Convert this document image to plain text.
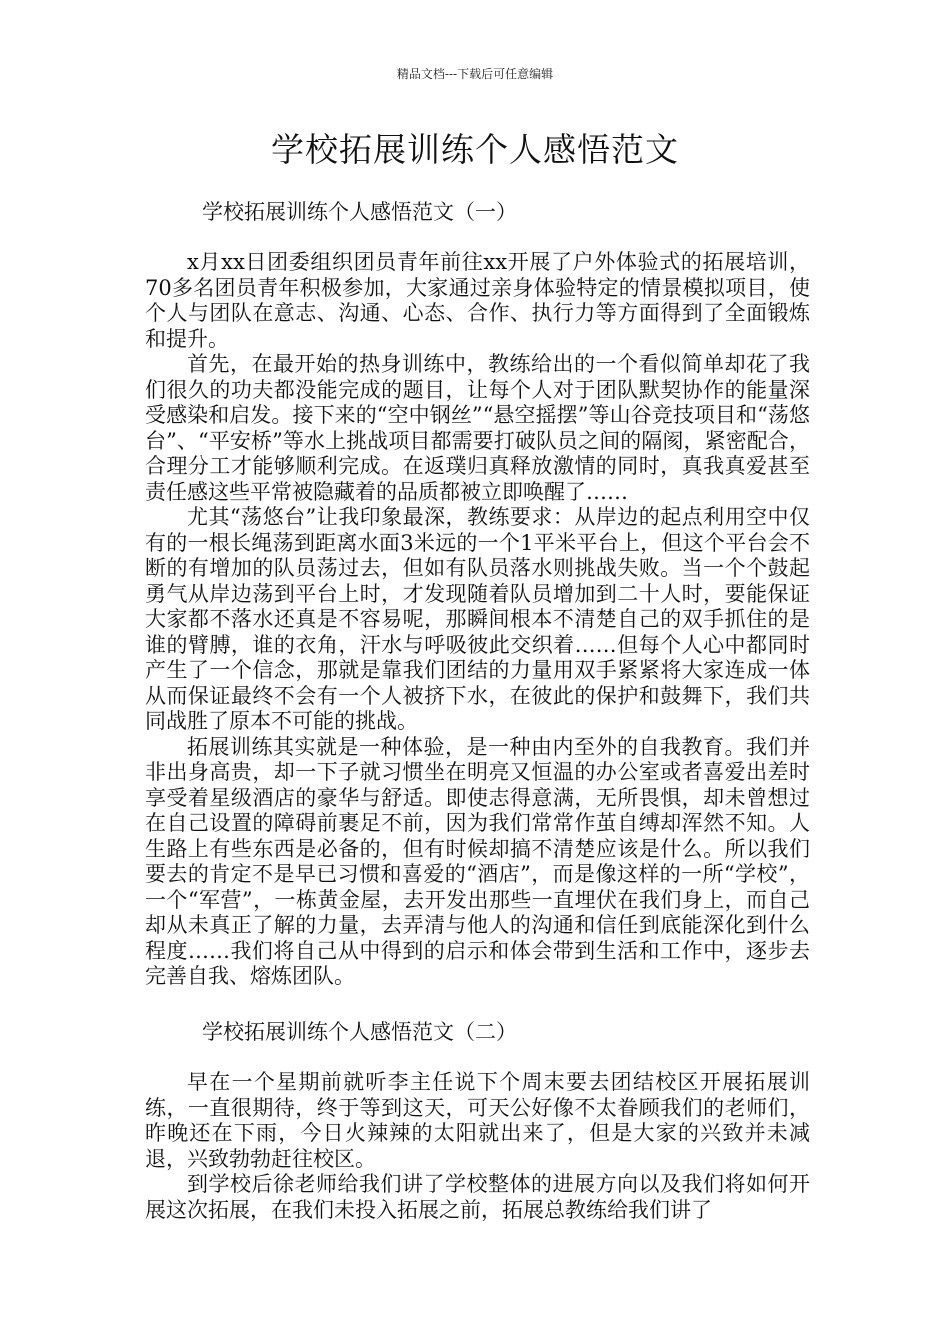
精品文档---下载后可任意编辑
学校拓展训练个人感悟范文
学校拓展训练个人感悟范文（一）

x月xx日团委组织团员青年前往xx开展了户外体验式的拓展培训，70多名团员青年积极参加，大家通过亲身体验特定的情景模拟项目，使个人与团队在意志、沟通、心态、合作、执行力等方面得到了全面锻炼和提升。

首先，在最开始的热身训练中，教练给出的一个看似简单却花了我们很久的功夫都没能完成的题目，让每个人对于团队默契协作的能量深受感染和启发。接下来的“空中钢丝”“悬空摇摆”等山谷竞技项目和“荡悠台”、“平安桥”等水上挑战项目都需要打破队员之间的隔阂，紧密配合，合理分工才能够顺利完成。在返璞归真释放激情的同时，真我真爱甚至责任感这些平常被隐藏着的品质都被立即唤醒了……

尤其“荡悠台”让我印象最深，教练要求：从岸边的起点利用空中仅有的一根长绳荡到距离水面3米远的一个1平米平台上，但这个平台会不断的有增加的队员荡过去，但如有队员落水则挑战失败。当一个个鼓起勇气从岸边荡到平台上时，才发现随着队员增加到二十人时，要能保证大家都不落水还真是不容易呢，那瞬间根本不清楚自己的双手抓住的是谁的臂膊，谁的衣角，汗水与呼吸彼此交织着……但每个人心中都同时产生了一个信念，那就是靠我们团结的力量用双手紧紧将大家连成一体从而保证最终不会有一个人被挤下水，在彼此的保护和鼓舞下，我们共同战胜了原本不可能的挑战。

拓展训练其实就是一种体验，是一种由内至外的自我教育。我们并非出身高贵，却一下子就习惯坐在明亮又恒温的办公室或者喜爱出差时享受着星级酒店的豪华与舒适。即使志得意满，无所畏惧，却未曾想过在自己设置的障碍前裹足不前，因为我们常常作茧自缚却浑然不知。人生路上有些东西是必备的，但有时候却搞不清楚应该是什么。所以我们要去的肯定不是早已习惯和喜爱的“酒店”，而是像这样的一所“学校”，一个“军营”，一栋黄金屋，去开发出那些一直埋伏在我们身上，而自己却从未真正了解的力量，去弄清与他人的沟通和信任到底能深化到什么程度……我们将自己从中得到的启示和体会带到生活和工作中，逐步去完善自我、熔炼团队。

学校拓展训练个人感悟范文（二）

早在一个星期前就听李主任说下个周末要去团结校区开展拓展训练，一直很期待，终于等到这天，可天公好像不太眷顾我们的老师们，昨晚还在下雨，今日火辣辣的太阳就出来了，但是大家的兴致并未减退，兴致勃勃赶往校区。

到学校后徐老师给我们讲了学校整体的进展方向以及我们将如何开展这次拓展，在我们未投入拓展之前，拓展总教练给我们讲了
